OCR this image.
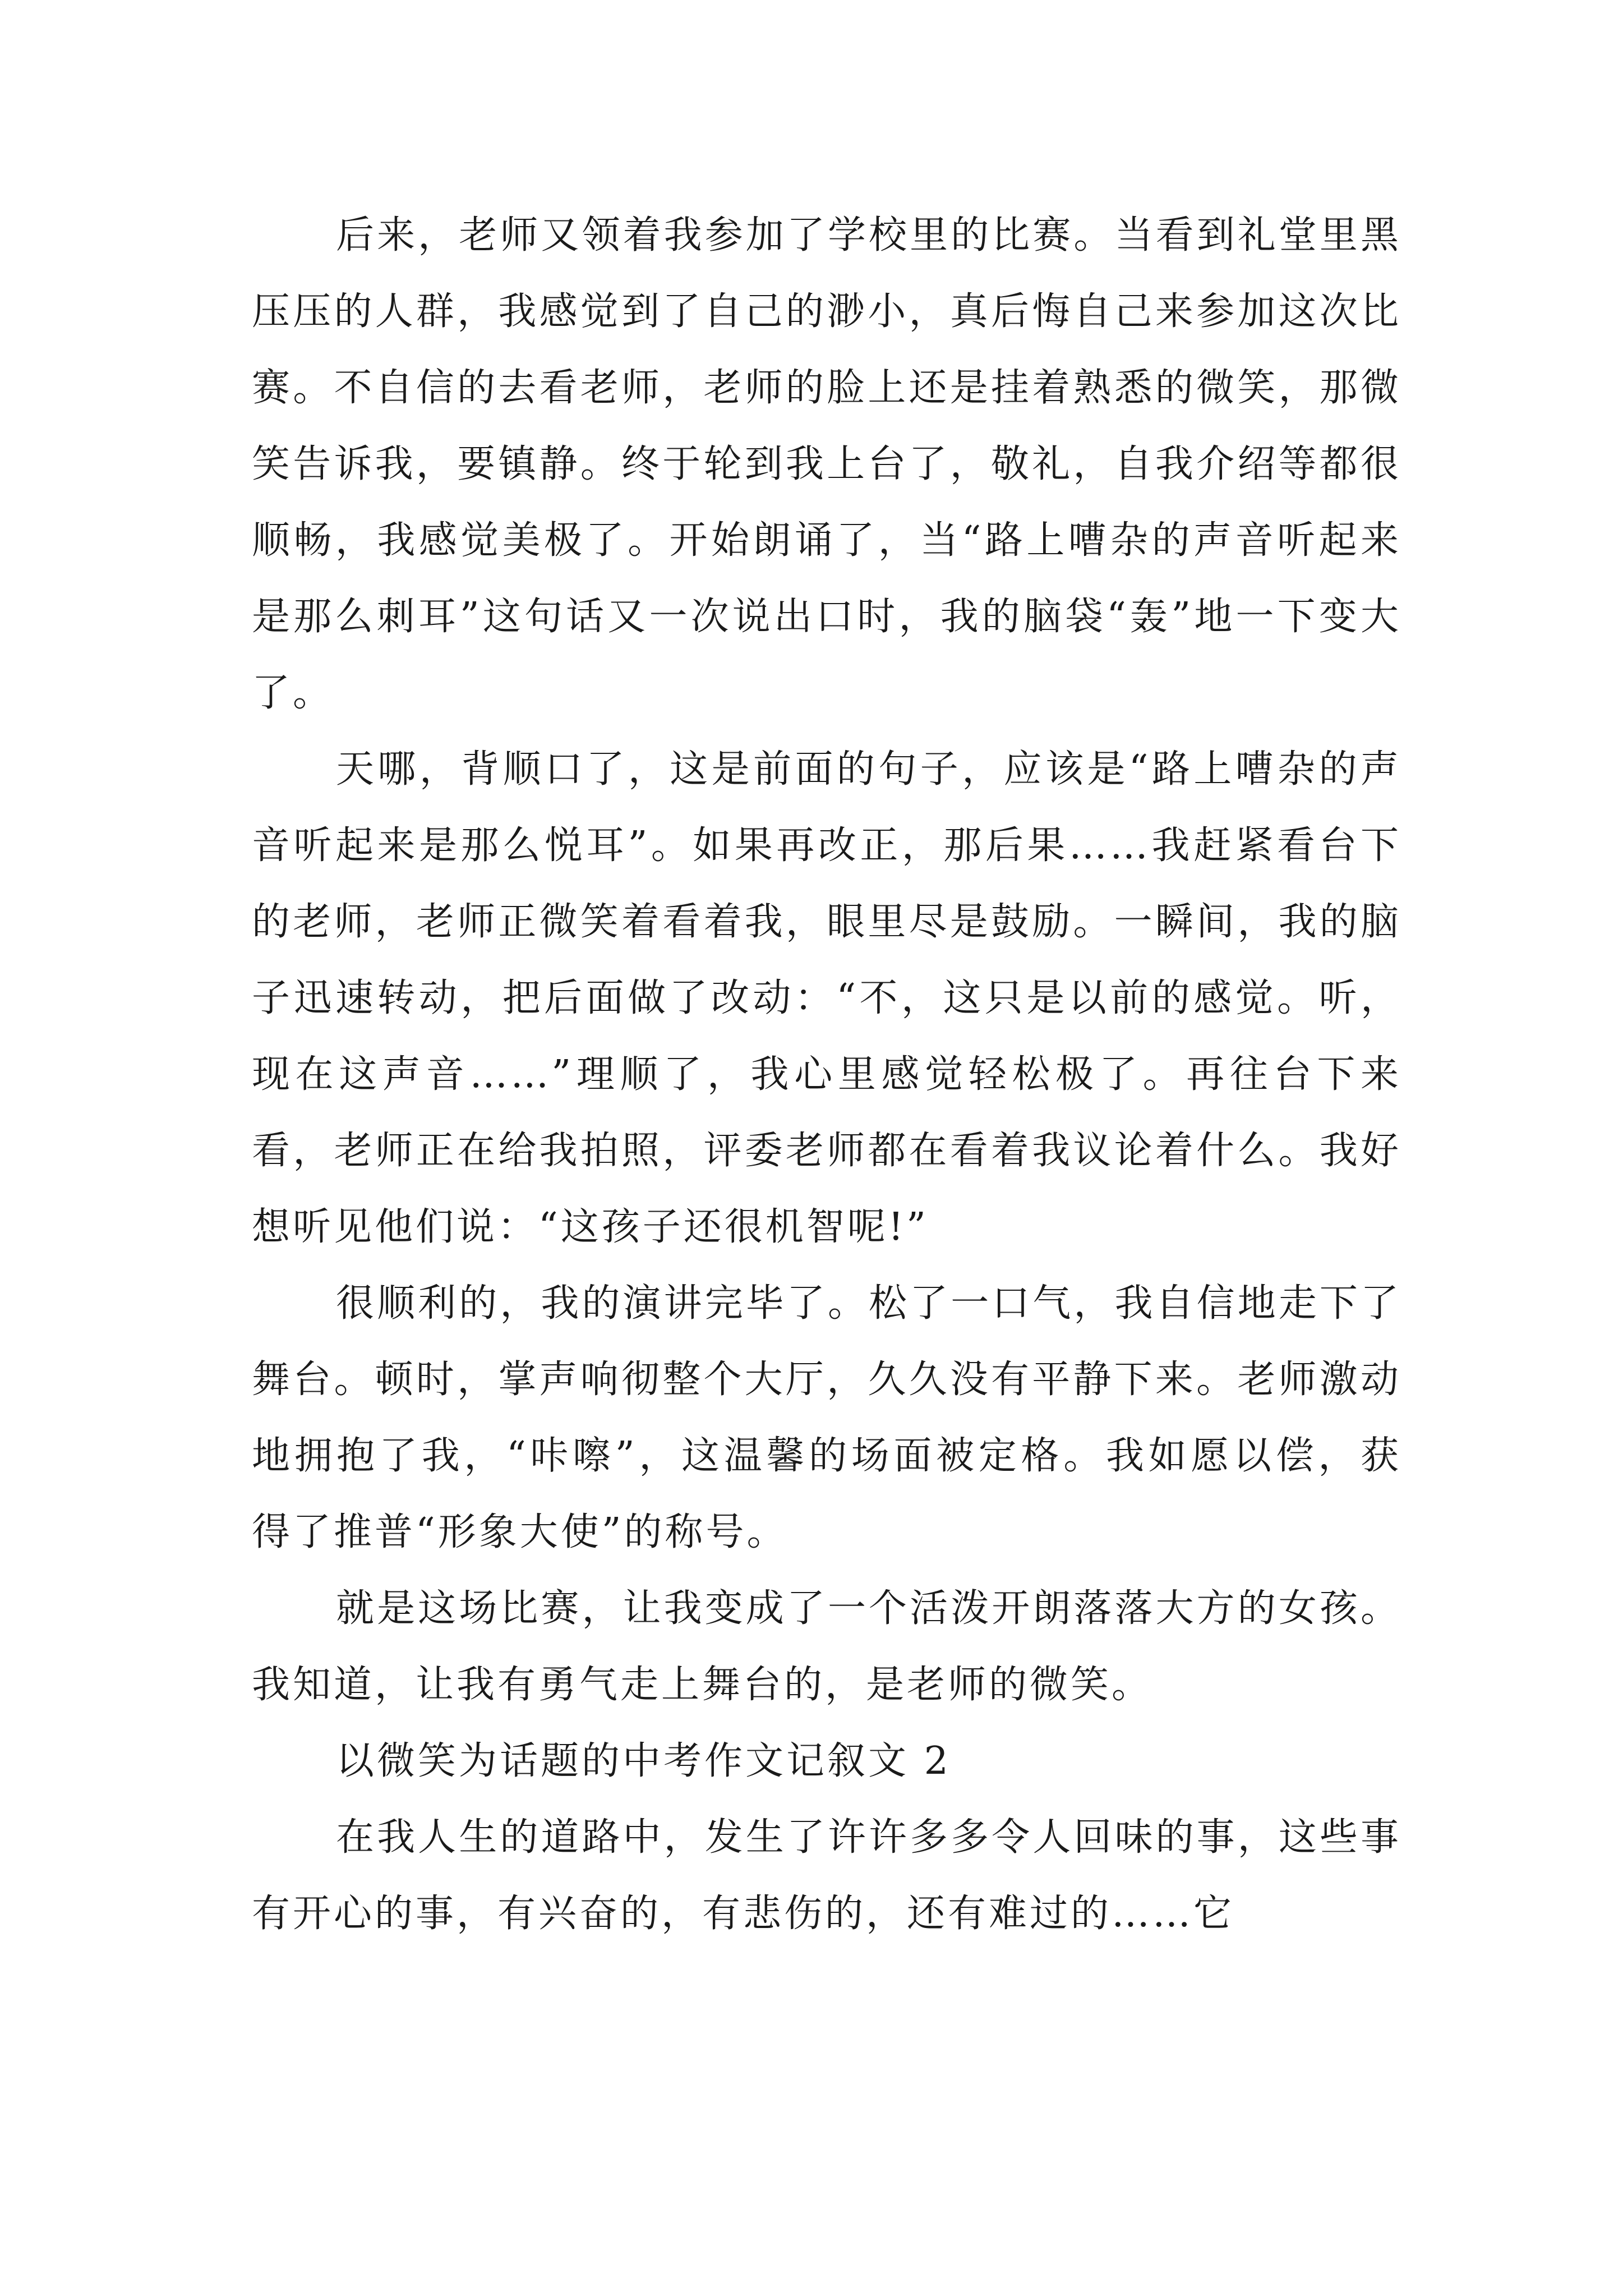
后来，老师又领着我参加了学校里的比赛。当看到礼堂里黑压压的人群，我感觉到了自己的渺小，真后悔自己来参加这次比赛。不自信的去看老师，老师的脸上还是挂着熟悉的微笑，那微笑告诉我，要镇静。终于轮到我上台了，敬礼，自我介绍等都很顺畅，我感觉美极了。开始朗诵了，当“路上嘈杂的声音听起来是那么刺耳”这句话又一次说出口时，我的脑袋“轰”地一下变大了。

天哪，背顺口了，这是前面的句子，应该是“路上嘈杂的声音听起来是那么悦耳”。如果再改正，那后果……我赶紧看台下的老师，老师正微笑着看着我，眼里尽是鼓励。一瞬间，我的脑子迅速转动，把后面做了改动：“不，这只是以前的感觉。听，现在这声音……”理顺了，我心里感觉轻松极了。再往台下来看，老师正在给我拍照，评委老师都在看着我议论着什么。我好想听见他们说：“这孩子还很机智呢!”

很顺利的，我的演讲完毕了。松了一口气，我自信地走下了舞台。顿时，掌声响彻整个大厅，久久没有平静下来。老师激动地拥抱了我，“咔嚓”，这温馨的场面被定格。我如愿以偿，获得了推普“形象大使”的称号。

就是这场比赛，让我变成了一个活泼开朗落落大方的女孩。我知道，让我有勇气走上舞台的，是老师的微笑。

以微笑为话题的中考作文记叙文 2

在我人生的道路中，发生了许许多多令人回味的事，这些事有开心的事，有兴奋的，有悲伤的，还有难过的……它
